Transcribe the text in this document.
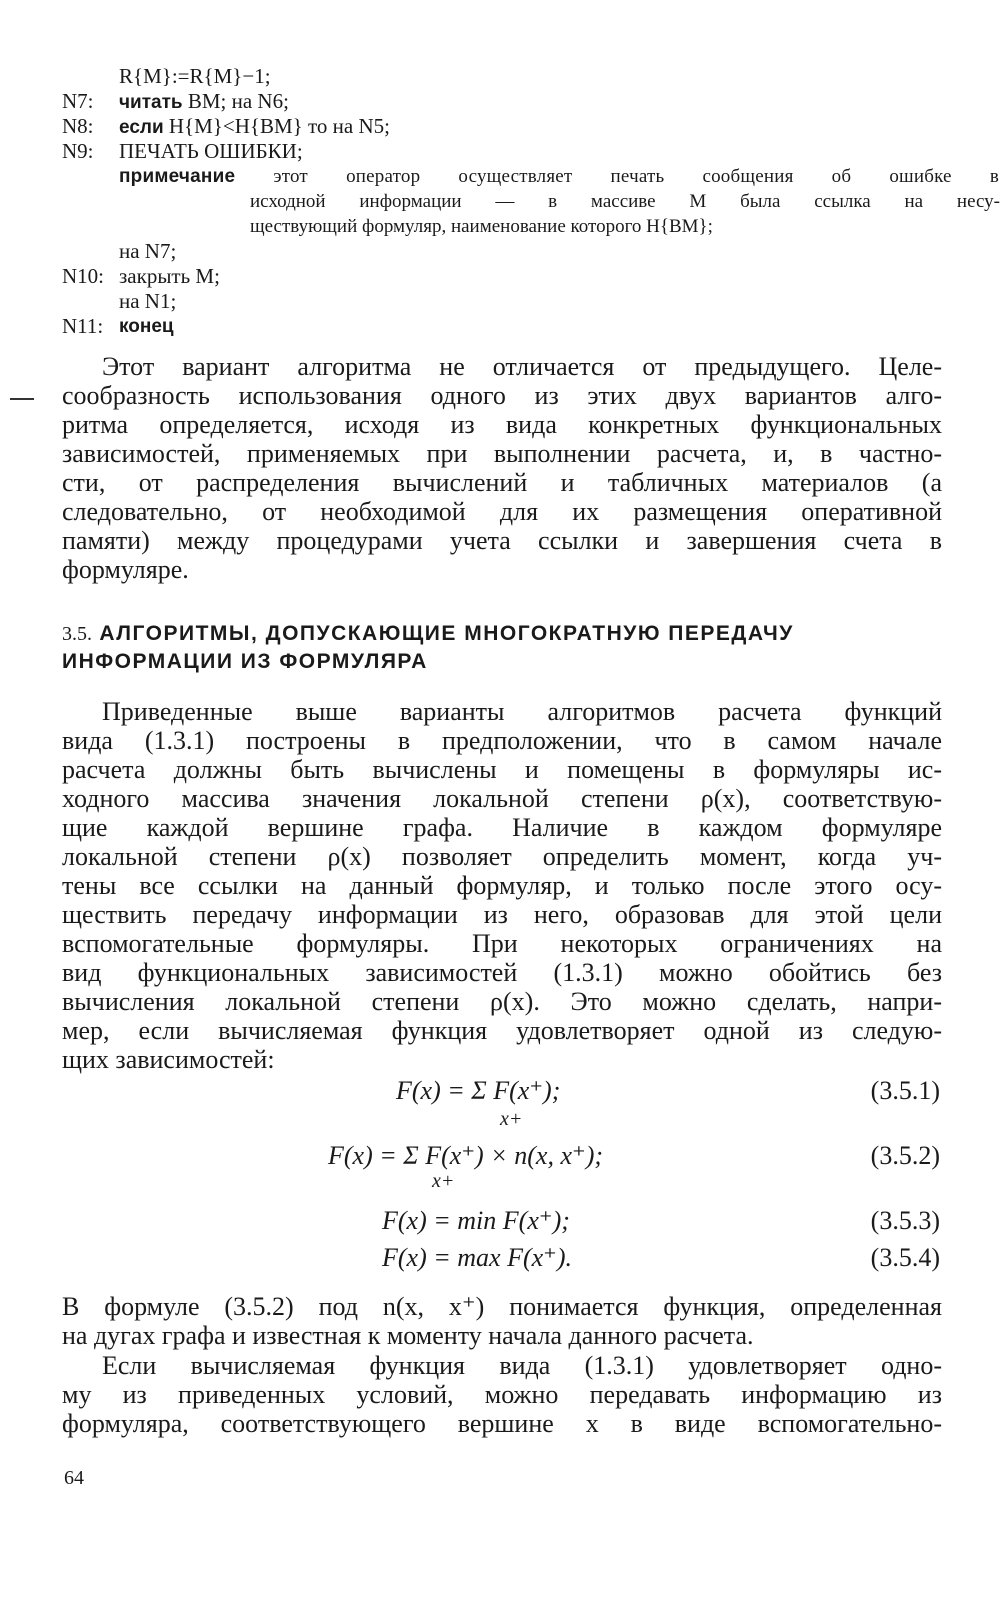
R{M}:=R{M}−1;
N7: читать BM; на N6;
N8: если H{M}<H{BM} то на N5;
N9: ПЕЧАТЬ ОШИБКИ;
примечание этот оператор осуществляет печать сообщения об ошибке в
исходной информации — в массиве M была ссылка на несу-
ществующий формуляр, наименование которого H{BM};
на N7;
N10: закрыть M;
на N1;
N11: конец
Этот вариант алгоритма не отличается от предыдущего. Целе-
сообразность использования одного из этих двух вариантов алго-
ритма определяется, исходя из вида конкретных функциональных
зависимостей, применяемых при выполнении расчета, и, в частно-
сти, от распределения вычислений и табличных материалов (а
следовательно, от необходимой для их размещения оперативной
памяти) между процедурами учета ссылки и завершения счета в
формуляре.
3.5. АЛГОРИТМЫ, ДОПУСКАЮЩИЕ МНОГОКРАТНУЮ ПЕРЕДАЧУ
ИНФОРМАЦИИ ИЗ ФОРМУЛЯРА
Приведенные выше варианты алгоритмов расчета функций
вида (1.3.1) построены в предположении, что в самом начале
расчета должны быть вычислены и помещены в формуляры ис-
ходного массива значения локальной степени ρ(x), соответствую-
щие каждой вершине графа. Наличие в каждом формуляре
локальной степени ρ(x) позволяет определить момент, когда уч-
тены все ссылки на данный формуляр, и только после этого осу-
ществить передачу информации из него, образовав для этой цели
вспомогательные формуляры. При некоторых ограничениях на
вид функциональных зависимостей (1.3.1) можно обойтись без
вычисления локальной степени ρ(x). Это можно сделать, напри-
мер, если вычисляемая функция удовлетворяет одной из следую-
щих зависимостей:
F(x) = Σ F(x⁺);	(3.5.1)
x+
F(x) = Σ F(x⁺) × n(x, x⁺);	(3.5.2)
x+
F(x) = min F(x⁺);	(3.5.3)
F(x) = max F(x⁺).	(3.5.4)
В формуле (3.5.2) под n(x, x⁺) понимается функция, определенная
на дугах графа и известная к моменту начала данного расчета.
Если вычисляемая функция вида (1.3.1) удовлетворяет одно-
му из приведенных условий, можно передавать информацию из
формуляра, соответствующего вершине x в виде вспомогательно-
64
